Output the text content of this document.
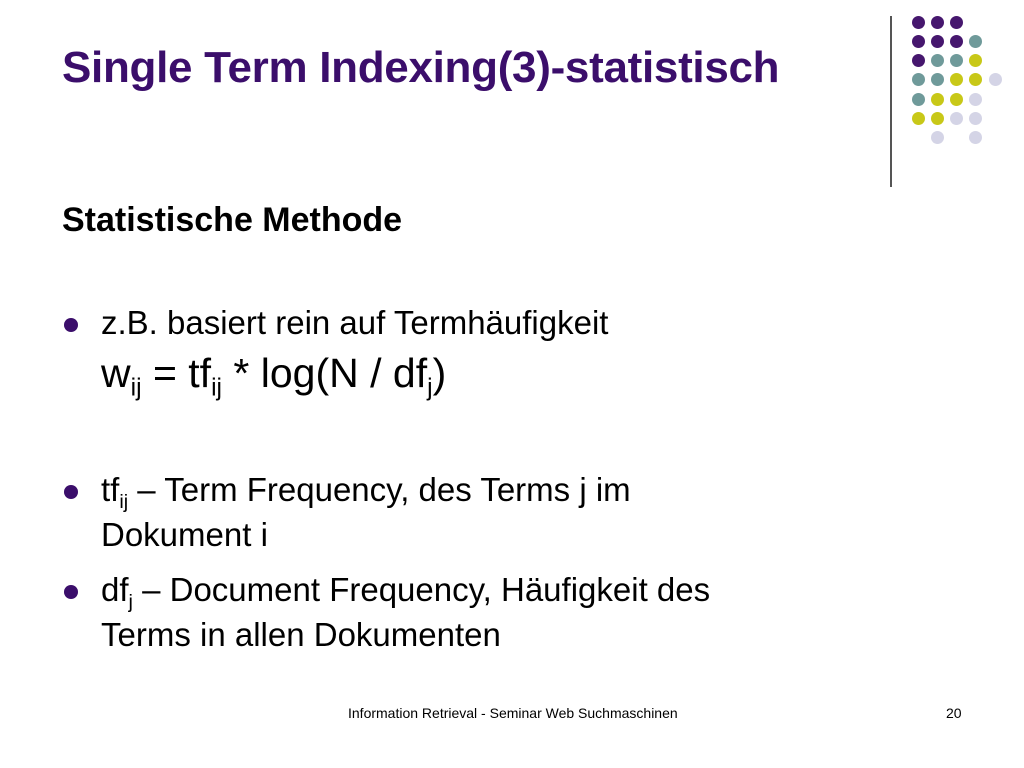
Single Term Indexing(3)-statistisch
Statistische Methode
z.B. basiert rein auf Termhäufigkeit
$w_{ij} = tf_{ij} * \log(N / df_j)$
$tf_{ij}$ – Term Frequency, des Terms j im
Dokument i
$df_j$ – Document Frequency, Häufigkeit des
Terms in allen Dokumenten
Information Retrieval - Seminar Web Suchmaschinen	20
